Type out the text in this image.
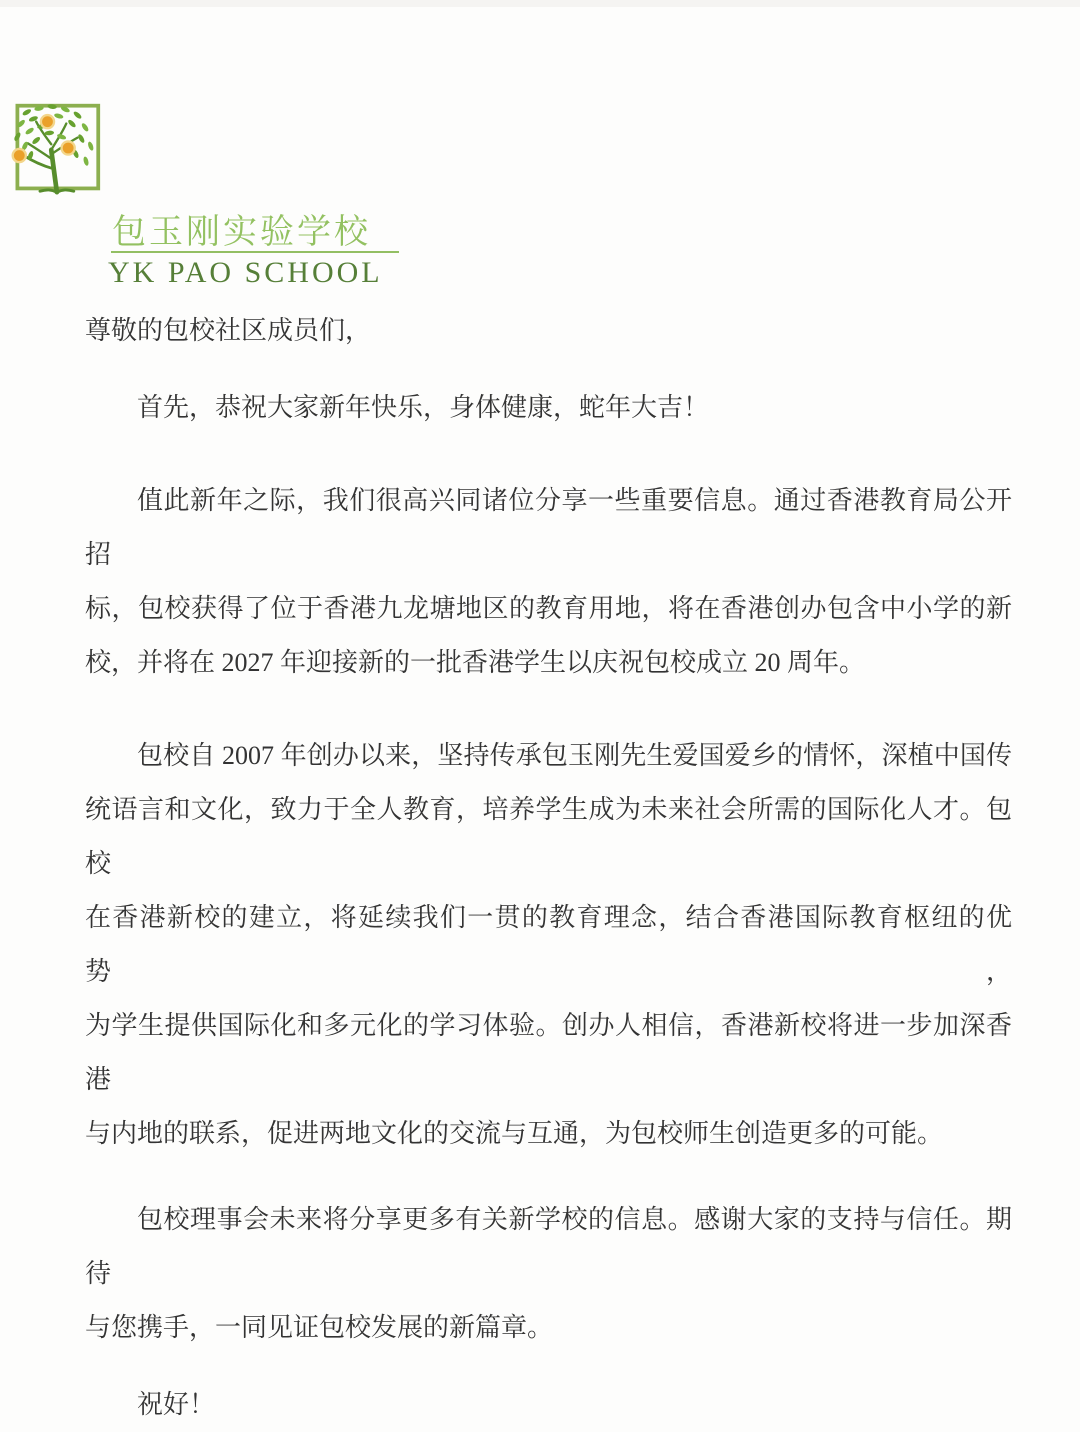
包玉刚实验学校
YK PAO SCHOOL
尊敬的包校社区成员们，
首先，恭祝大家新年快乐，身体健康，蛇年大吉！
值此新年之际，我们很高兴同诸位分享一些重要信息。通过香港教育局公开招
标，包校获得了位于香港九龙塘地区的教育用地，将在香港创办包含中小学的新
校，并将在 2027 年迎接新的一批香港学生以庆祝包校成立 20 周年。
包校自 2007 年创办以来，坚持传承包玉刚先生爱国爱乡的情怀，深植中国传
统语言和文化，致力于全人教育，培养学生成为未来社会所需的国际化人才。包校
在香港新校的建立，将延续我们一贯的教育理念，结合香港国际教育枢纽的优势，
为学生提供国际化和多元化的学习体验。创办人相信，香港新校将进一步加深香港
与内地的联系，促进两地文化的交流与互通，为包校师生创造更多的可能。
包校理事会未来将分享更多有关新学校的信息。感谢大家的支持与信任。期待
与您携手，一同见证包校发展的新篇章。
祝好！
